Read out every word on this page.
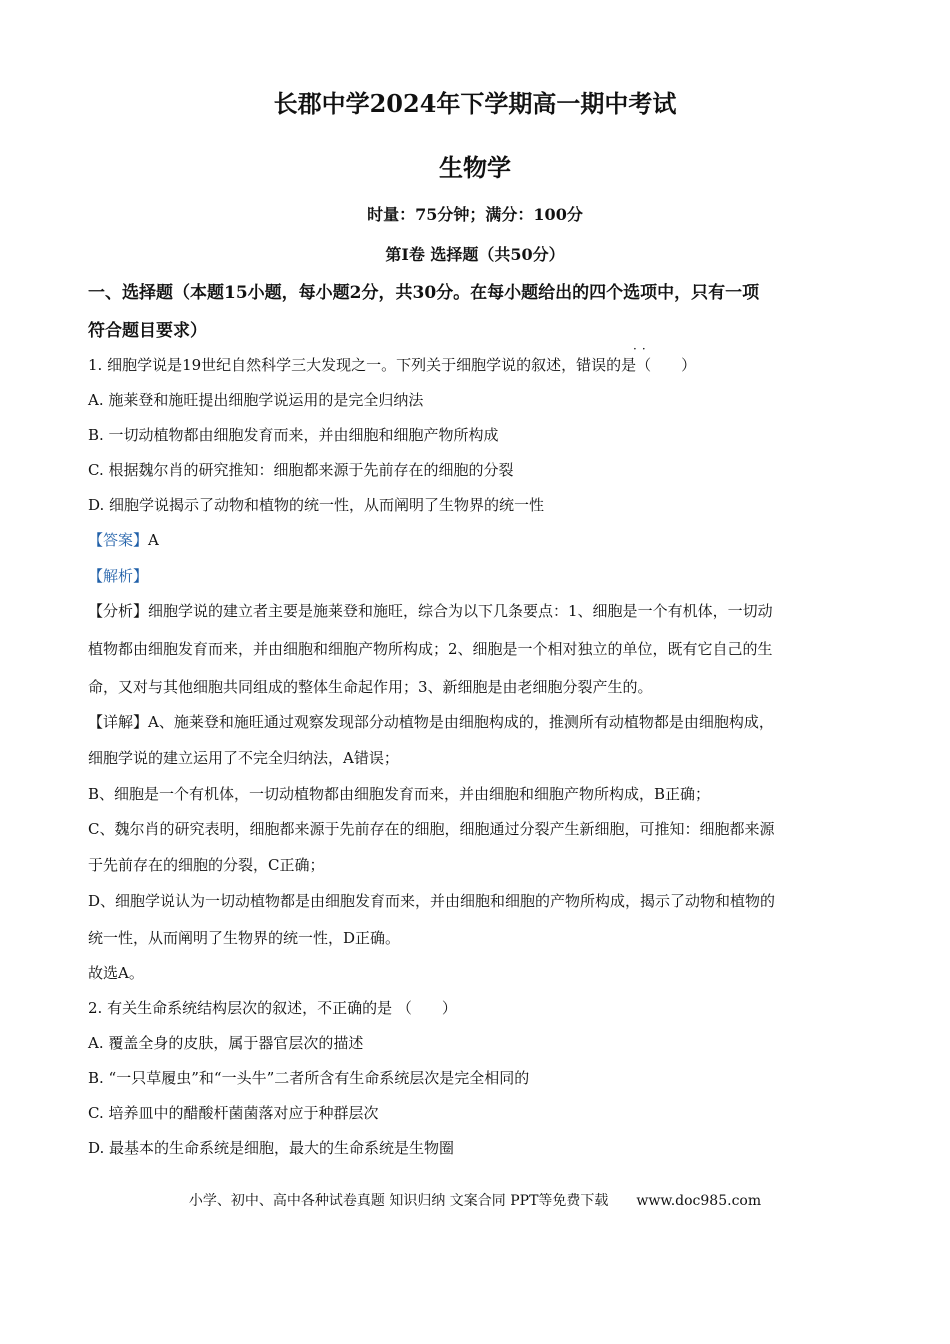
长郡中学2024年下学期高一期中考试
生物学
时量：75分钟；满分：100分
第Ⅰ卷 选择题（共50分）
一、选择题（本题15小题，每小题2分，共30分。在每小题给出的四个选项中，只有一项
符合题目要求）
··
1. 细胞学说是19世纪自然科学三大发现之一。下列关于细胞学说的叙述，错误的是（　　）
A. 施莱登和施旺提出细胞学说运用的是完全归纳法
B. 一切动植物都由细胞发育而来，并由细胞和细胞产物所构成
C. 根据魏尔肖的研究推知：细胞都来源于先前存在的细胞的分裂
D. 细胞学说揭示了动物和植物的统一性，从而阐明了生物界的统一性
【答案】A
【解析】
【分析】细胞学说的建立者主要是施莱登和施旺，综合为以下几条要点：1、细胞是一个有机体，一切动
植物都由细胞发育而来，并由细胞和细胞产物所构成；2、细胞是一个相对独立的单位，既有它自己的生
命，又对与其他细胞共同组成的整体生命起作用；3、新细胞是由老细胞分裂产生的。
【详解】A、施莱登和施旺通过观察发现部分动植物是由细胞构成的，推测所有动植物都是由细胞构成，
细胞学说的建立运用了不完全归纳法，A错误；
B、细胞是一个有机体，一切动植物都由细胞发育而来，并由细胞和细胞产物所构成，B正确；
C、魏尔肖的研究表明，细胞都来源于先前存在的细胞，细胞通过分裂产生新细胞，可推知：细胞都来源
于先前存在的细胞的分裂，C正确；
D、细胞学说认为一切动植物都是由细胞发育而来，并由细胞和细胞的产物所构成，揭示了动物和植物的
统一性，从而阐明了生物界的统一性，D正确。
故选A。
2. 有关生命系统结构层次的叙述，不正确的是 （　　）
A. 覆盖全身的皮肤，属于器官层次的描述
B. “一只草履虫”和“一头牛”二者所含有生命系统层次是完全相同的
C. 培养皿中的醋酸杆菌菌落对应于种群层次
D. 最基本的生命系统是细胞，最大的生命系统是生物圈
小学、初中、高中各种试卷真题 知识归纳 文案合同 PPT等免费下载 www.doc985.com
